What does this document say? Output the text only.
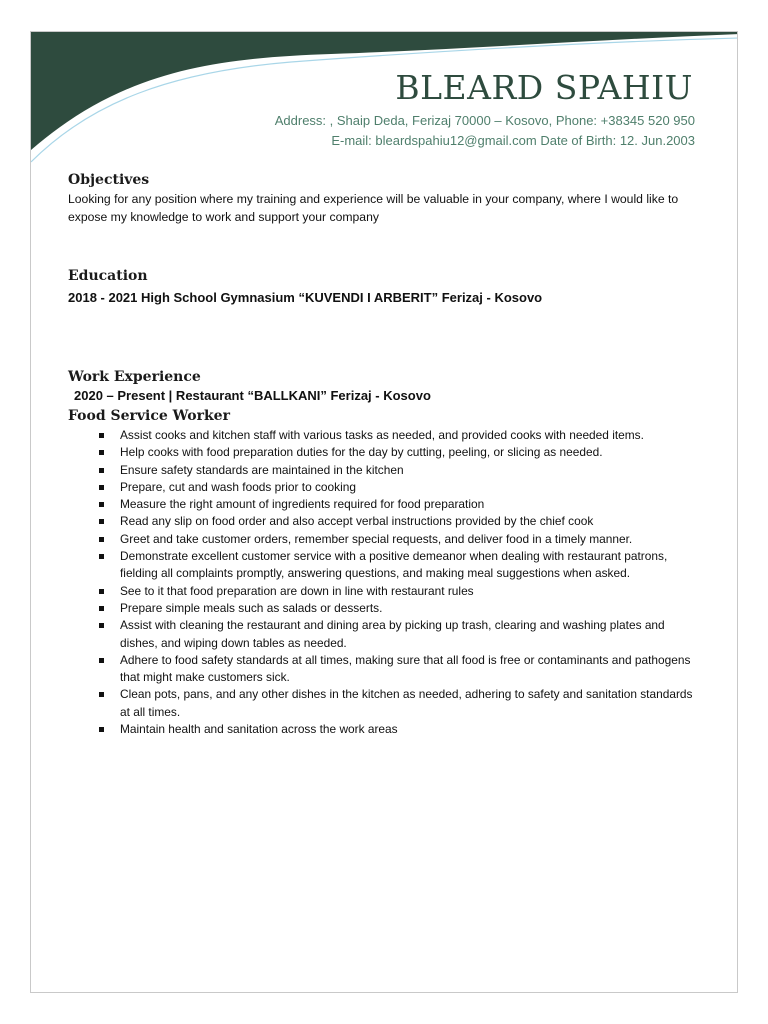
BLEARD SPAHIU
Address: , Shaip Deda, Ferizaj 70000 – Kosovo, Phone: +38345 520 950
E-mail: bleardspahiu12@gmail.com Date of Birth: 12. Jun.2003
Objectives

Looking for any position where my training and experience will be valuable in your company, where I would like to expose my knowledge to work and support your company

Education

2018 - 2021 High School Gymnasium “KUVENDI I ARBERIT” Ferizaj - Kosovo

Work Experience

2020 – Present | Restaurant “BALLKANI” Ferizaj - Kosovo

Food Service Worker
Assist cooks and kitchen staff with various tasks as needed, and provided cooks with needed items.
Help cooks with food preparation duties for the day by cutting, peeling, or slicing as needed.
Ensure safety standards are maintained in the kitchen
Prepare, cut and wash foods prior to cooking
Measure the right amount of ingredients required for food preparation
Read any slip on food order and also accept verbal instructions provided by the chief cook
Greet and take customer orders, remember special requests, and deliver food in a timely manner.
Demonstrate excellent customer service with a positive demeanor when dealing with restaurant patrons, fielding all complaints promptly, answering questions, and making meal suggestions when asked.
See to it that food preparation are down in line with restaurant rules
Prepare simple meals such as salads or desserts.
Assist with cleaning the restaurant and dining area by picking up trash, clearing and washing plates and dishes, and wiping down tables as needed.
Adhere to food safety standards at all times, making sure that all food is free or contaminants and pathogens that might make customers sick.
Clean pots, pans, and any other dishes in the kitchen as needed, adhering to safety and sanitation standards at all times.
Maintain health and sanitation across the work areas
